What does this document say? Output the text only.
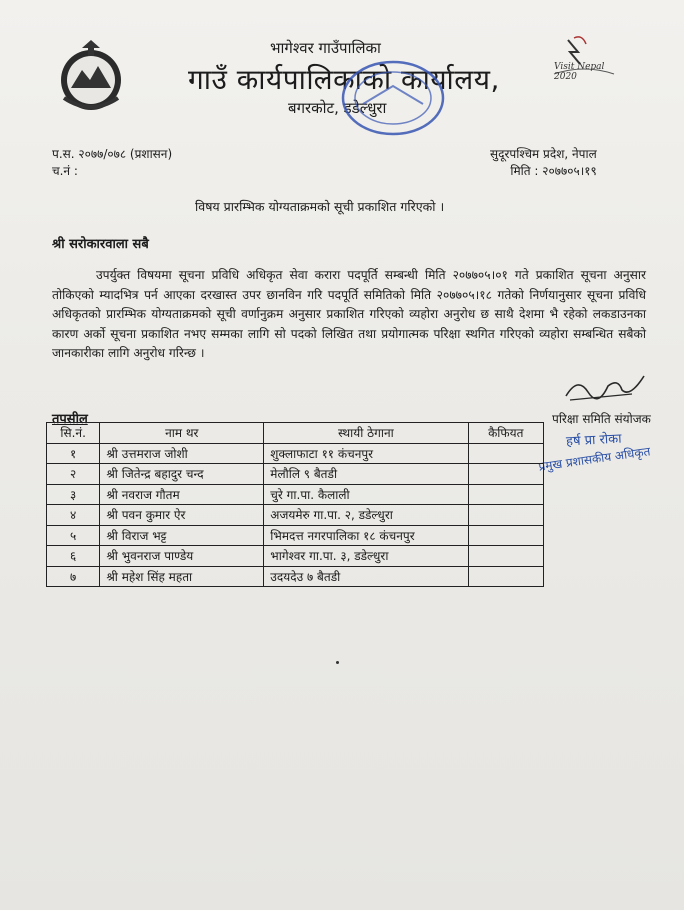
भागेश्वर गाउँपालिका
गाउँ कार्यपालिकाको कार्यालय,
बगरकोट, डडेल्धुरा
Visit Nepal 2020
प.स. २०७७/०७८ (प्रशासन)
च.नं :
सुदूरपश्चिम प्रदेश, नेपाल
मिति : २०७७०५।१९
विषय प्रारम्भिक योग्यताक्रमको सूची प्रकाशित गरिएको ।
श्री सरोकारवाला सबै
उपर्युक्त विषयमा सूचना प्रविधि अधिकृत सेवा करारा पदपूर्ति सम्बन्धी मिति २०७७०५।०१ गते प्रकाशित सूचना अनुसार तोकिएको म्यादभित्र पर्न आएका दरखास्त उपर छानविन गरि पदपूर्ति समितिको मिति २०७७०५।१८ गतेको निर्णयानुसार सूचना प्रविधि अधिकृतको प्रारम्भिक योग्यताक्रमको सूची वर्णानुक्रम अनुसार प्रकाशित गरिएको व्यहोरा अनुरोध छ साथै देशमा भै रहेको लकडाउनका कारण अर्को सूचना प्रकाशित नभए सम्मका लागि सो पदको लिखित तथा प्रयोगात्मक परिक्षा स्थगित गरिएको व्यहोरा सम्बन्धित सबैको जानकारीका लागि अनुरोध गरिन्छ ।
परिक्षा समिति संयोजक
हर्ष प्रा रोका
प्रमुख प्रशासकीय अधिकृत
तपसील
सि.नं.	नाम थर	स्थायी ठेगाना	कैफियत
१	श्री उत्तमराज जोशी	शुक्लाफाटा ११ कंचनपुर	
२	श्री जितेन्द्र बहादुर चन्द	मेलौलि ९ बैतडी	
३	श्री नवराज गौतम	चुरे गा.पा. कैलाली	
४	श्री पवन कुमार ऐर	अजयमेरु गा.पा. २, डडेल्धुरा	
५	श्री विराज भट्ट	भिमदत्त नगरपालिका १८ कंचनपुर	
६	श्री भुवनराज पाण्डेय	भागेश्वर गा.पा. ३, डडेल्धुरा	
७	श्री महेश सिंह महता	उदयदेउ ७ बैतडी	
